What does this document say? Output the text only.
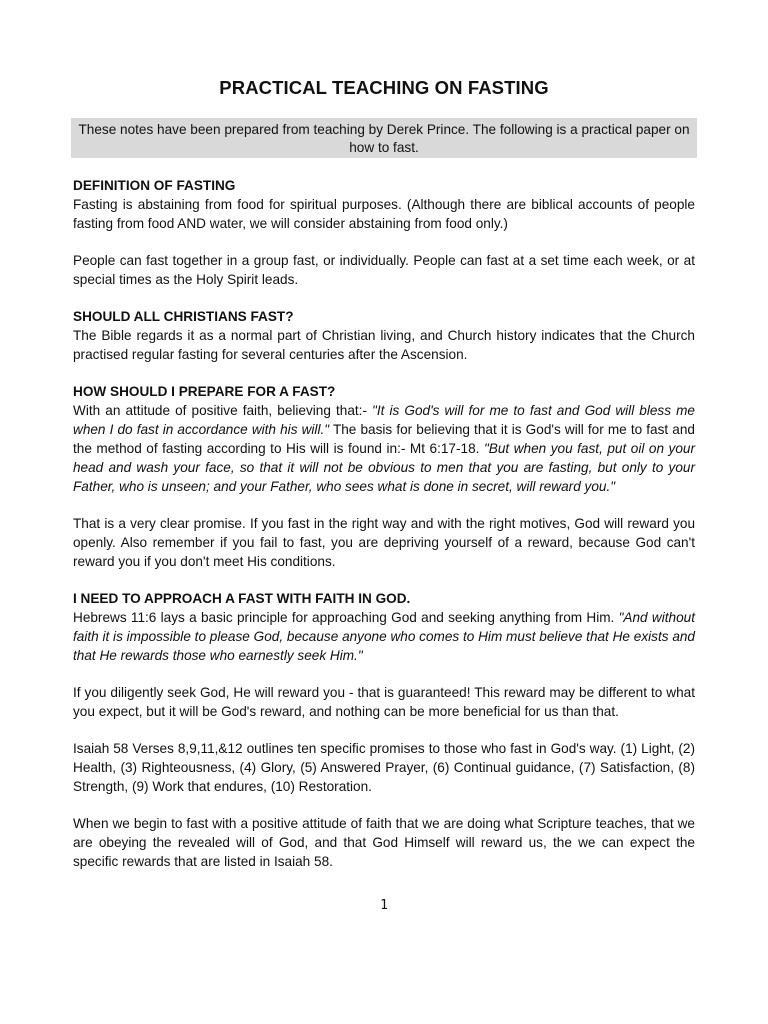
PRACTICAL TEACHING ON FASTING
These notes have been prepared from teaching by Derek Prince. The following is a practical paper on how to fast.
DEFINITION OF FASTING

Fasting is abstaining from food for spiritual purposes. (Although there are biblical accounts of people fasting from food AND water, we will consider abstaining from food only.)

People can fast together in a group fast, or individually. People can fast at a set time each week, or at special times as the Holy Spirit leads.

SHOULD ALL CHRISTIANS FAST?

The Bible regards it as a normal part of Christian living, and Church history indicates that the Church practised regular fasting for several centuries after the Ascension.

HOW SHOULD I PREPARE FOR A FAST?

With an attitude of positive faith, believing that:- "It is God's will for me to fast and God will bless me when I do fast in accordance with his will." The basis for believing that it is God's will for me to fast and the method of fasting according to His will is found in:- Mt 6:17-18. "But when you fast, put oil on your head and wash your face, so that it will not be obvious to men that you are fasting, but only to your Father, who is unseen; and your Father, who sees what is done in secret, will reward you."

That is a very clear promise. If you fast in the right way and with the right motives, God will reward you openly. Also remember if you fail to fast, you are depriving yourself of a reward, because God can't reward you if you don't meet His conditions.

I NEED TO APPROACH A FAST WITH FAITH IN GOD.

Hebrews 11:6 lays a basic principle for approaching God and seeking anything from Him. "And without faith it is impossible to please God, because anyone who comes to Him must believe that He exists and that He rewards those who earnestly seek Him."

If you diligently seek God, He will reward you - that is guaranteed! This reward may be different to what you expect, but it will be God's reward, and nothing can be more beneficial for us than that.

Isaiah 58 Verses 8,9,11,&12 outlines ten specific promises to those who fast in God's way. (1) Light, (2) Health, (3) Righteousness, (4) Glory, (5) Answered Prayer, (6) Continual guidance, (7) Satisfaction, (8) Strength, (9) Work that endures, (10) Restoration.

When we begin to fast with a positive attitude of faith that we are doing what Scripture teaches, that we are obeying the revealed will of God, and that God Himself will reward us, the we can expect the specific rewards that are listed in Isaiah 58.

1
